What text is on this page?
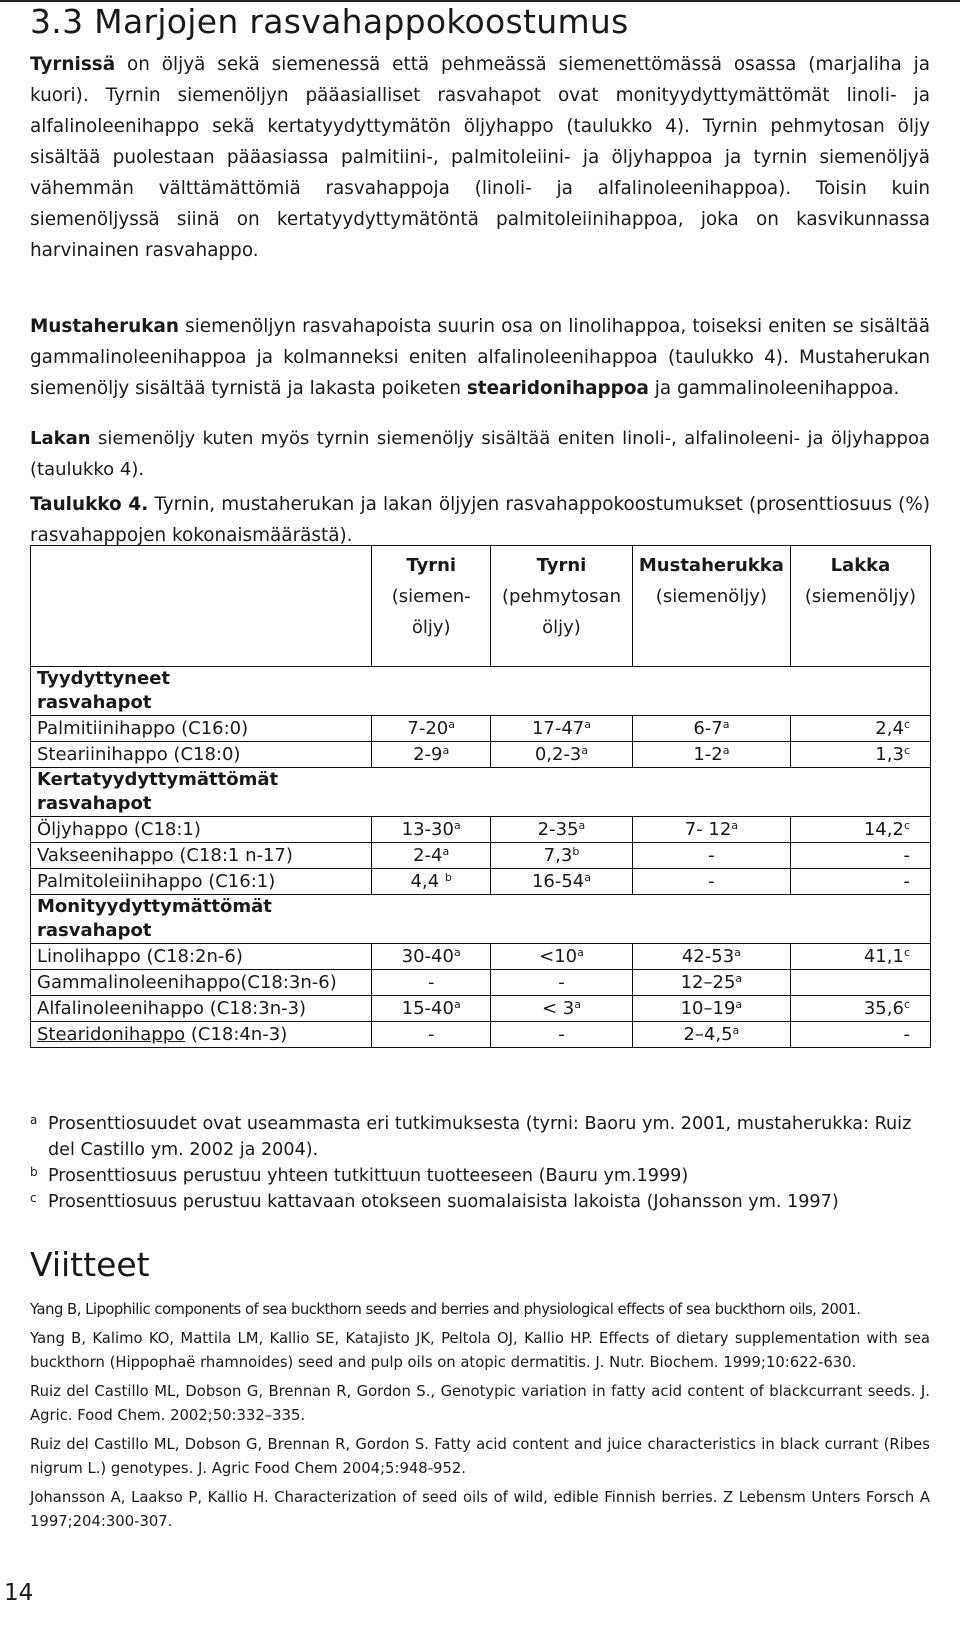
3.3 Marjojen rasvahappokoostumus

Tyrnissä on öljyä sekä siemenessä että pehmeässä siemenettömässä osassa (marjaliha ja kuori). Tyrnin siemenöljyn pääasialliset rasvahapot ovat monityydyttymättömät linoli- ja alfalinoleenihappo sekä kertatyydyttymätön öljyhappo (taulukko 4). Tyrnin pehmytosan öljy sisältää puolestaan pääasiassa palmitiini-, palmitoleiini- ja öljyhappoa ja tyrnin siemenöljyä vähemmän välttämättömiä rasvahappoja (linoli- ja alfalinoleenihappoa). Toisin kuin siemenöljyssä siinä on kertatyydyttymätöntä palmitoleiinihappoa, joka on kasvikunnassa harvinainen rasvahappo.

Mustaherukan siemenöljyn rasvahapoista suurin osa on linolihappoa, toiseksi eniten se sisältää gammalinoleenihappoa ja kolmanneksi eniten alfalinoleenihappoa (taulukko 4). Mustaherukan siemenöljy sisältää tyrnistä ja lakasta poiketen stearidonihappoa ja gammalinoleenihappoa.

Lakan siemenöljy kuten myös tyrnin siemenöljy sisältää eniten linoli-, alfalinoleeni- ja öljyhappoa (taulukko 4).

Taulukko 4. Tyrnin, mustaherukan ja lakan öljyjen rasvahappokoostumukset (prosenttiosuus (%) rasvahappojen kokonaismäärästä).

	Tyrni
(siemen-
öljy)	Tyrni
(pehmytosan
öljy)	Mustaherukka
(siemenöljy)	Lakka
(siemenöljy)

Tyydyttyneet
rasvahapot				
Palmitiinihappo (C16:0)	7-20$^a$	17-47$^a$	6-7$^a$	2,4$^c$
Steariinihappo (C18:0)	2-9$^a$	0,2-3$^a$	1-2$^a$	1,3$^c$
Kertatyydyttymättömät
rasvahapot				
Öljyhappo (C18:1)	13-30$^a$	2-35$^a$	7- 12$^a$	14,2$^c$
Vakseenihappo (C18:1 n-17)	2-4$^a$	7,3$^b$	-	-
Palmitoleiinihappo (C16:1)	4,4 $^b$	16-54$^a$	-	-
Monityydyttymättömät
rasvahapot				
Linolihappo (C18:2n-6)	$30-40^a$	$<10^a$	42-53$^a$	41,1$^c$
Gammalinoleenihappo(C18:3n-6)	-	-	12–25$^a$	
Alfalinoleenihappo (C18:3n-3)	$15-40^a$	< $3^a$	10–19$^a$	35,6$^c$
Stearidonihappo (C18:4n-3)	-	-	2–4,5$^a$	-
a Prosenttiosuudet ovat useammasta eri tutkimuksesta (tyrni: Baoru ym. 2001, mustaherukka: Ruiz del Castillo ym. 2002 ja 2004).
b Prosenttiosuus perustuu yhteen tutkittuun tuotteeseen (Bauru ym.1999)
c Prosenttiosuus perustuu kattavaan otokseen suomalaisista lakoista (Johansson ym. 1997)
Viitteet

Yang B, Lipophilic components of sea buckthorn seeds and berries and physiological effects of sea buckthorn oils, 2001.

Yang B, Kalimo KO, Mattila LM, Kallio SE, Katajisto JK, Peltola OJ, Kallio HP. Effects of dietary supplementation with sea buckthorn (Hippophaë rhamnoides) seed and pulp oils on atopic dermatitis. J. Nutr. Biochem. 1999;10:622-630.

Ruiz del Castillo ML, Dobson G, Brennan R, Gordon S., Genotypic variation in fatty acid content of blackcurrant seeds. J. Agric. Food Chem. 2002;50:332–335.

Ruiz del Castillo ML, Dobson G, Brennan R, Gordon S. Fatty acid content and juice characteristics in black currant (Ribes nigrum L.) genotypes. J. Agric Food Chem 2004;5:948-952.

Johansson A, Laakso P, Kallio H. Characterization of seed oils of wild, edible Finnish berries. Z Lebensm Unters Forsch A 1997;204:300-307.

14
